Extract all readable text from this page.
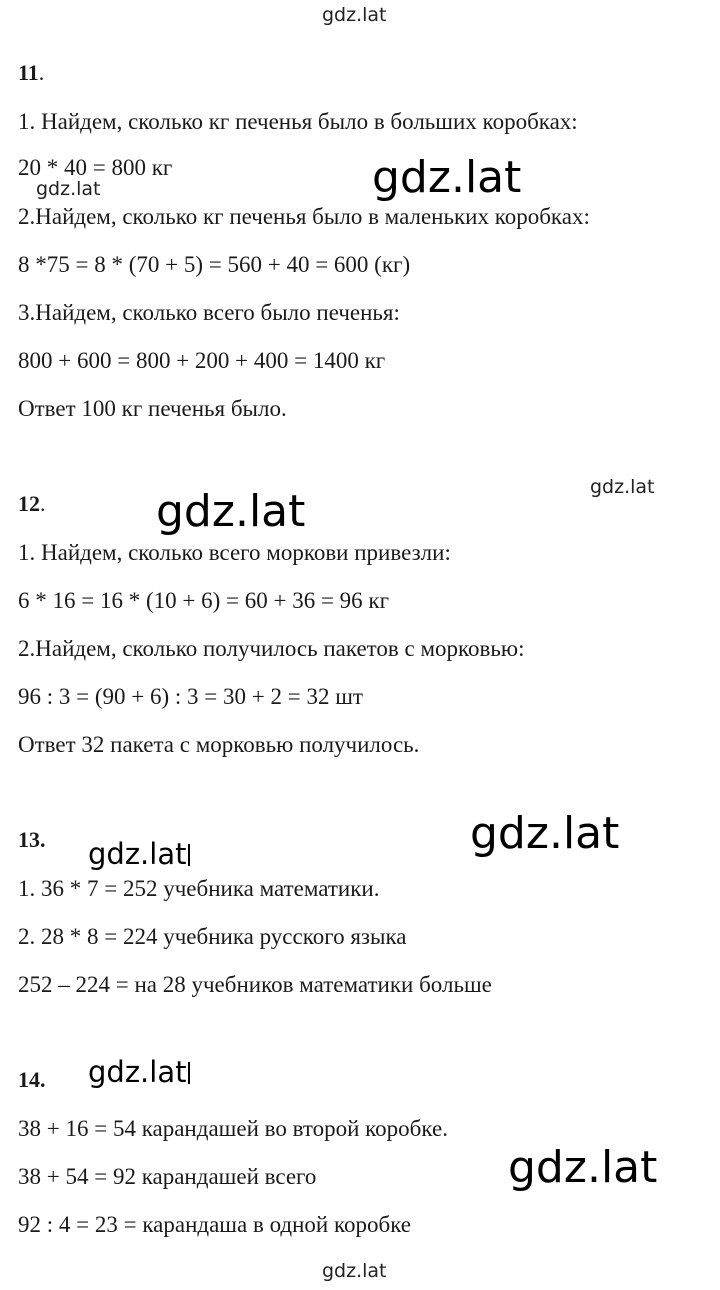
11.
1. Найдем, сколько кг печенья было в больших коробках:
20 * 40 = 800 кг
2.Найдем, сколько кг печенья было в маленьких коробках:
8 *75 = 8 * (70 + 5) = 560 + 40 = 600 (кг)
3.Найдем, сколько всего было печенья:
800 + 600 = 800 + 200 + 400 = 1400 кг
Ответ 100 кг печенья было.
12.
1. Найдем, сколько всего моркови привезли:
6 * 16 = 16 * (10 + 6) = 60 + 36 = 96 кг
2.Найдем, сколько получилось пакетов с морковью:
96 : 3 = (90 + 6) : 3 = 30 + 2 = 32 шт
Ответ 32 пакета с морковью получилось.
13.
1. 36 * 7 = 252 учебника математики.
2. 28 * 8 = 224 учебника русского языка
252 – 224 = на 28 учебников математики больше
14.
38 + 16 = 54 карандашей во второй коробке.
38 + 54 = 92 карандашей всего
92 : 4 = 23 = карандаша в одной коробке
gdz.lat
gdz.lat	gdz.lat
gdz.lat
gdz.lat
gdz.lat
gdz.lat
gdz.lat
gdz.lat
gdz.lat
